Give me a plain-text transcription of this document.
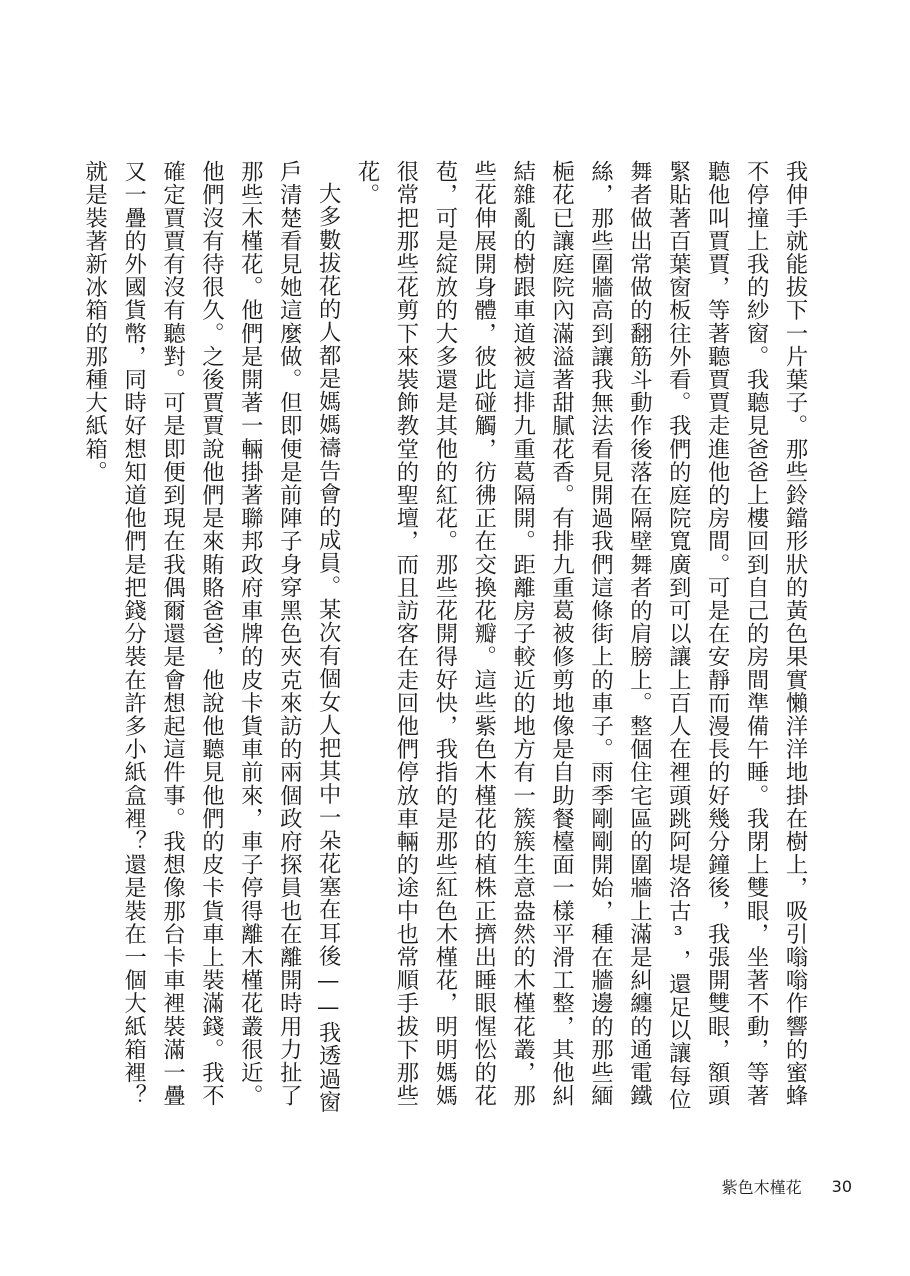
我伸手就能拔下一片葉子。那些鈴鐺形狀的黃色果實懶洋洋地掛在樹上，吸引嗡嗡作響的蜜蜂不停撞上我的紗窗。我聽見爸爸上樓回到自己的房間準備午睡。我閉上雙眼，坐著不動，等著聽他叫賈賈，等著聽賈賈走進他的房間。可是在安靜而漫長的好幾分鐘後，我張開雙眼，額頭緊貼著百葉窗板往外看。我們的庭院寬廣到可以讓上百人在裡頭跳阿堤洛古³，還足以讓每位舞者做出常做的翻筋斗動作後落在隔壁舞者的肩膀上。整個住宅區的圍牆上滿是糾纏的通電鐵絲，那些圍牆高到讓我無法看見開過我們這條街上的車子。雨季剛剛開始，種在牆邊的那些緬梔花已讓庭院內滿溢著甜膩花香。有排九重葛被修剪地像是自助餐檯面一樣平滑工整，其他糾結雜亂的樹跟車道被這排九重葛隔開。距離房子較近的地方有一簇簇生意盎然的木槿花叢，那些花伸展開身體，彼此碰觸，彷彿正在交換花瓣。這些紫色木槿花的植株正擠出睡眼惺忪的花苞，可是綻放的大多還是其他的紅花。那些花開得好快，我指的是那些紅色木槿花，明明媽媽很常把那些花剪下來裝飾教堂的聖壇，而且訪客在走回他們停放車輛的途中也常順手拔下那些花。

大多數拔花的人都是媽媽禱告會的成員。某次有個女人把其中一朵花塞在耳後——我透過窗戶清楚看見她這麼做。但即便是前陣子身穿黑色夾克來訪的兩個政府探員也在離開時用力扯了那些木槿花。他們是開著一輛掛著聯邦政府車牌的皮卡貨車前來，車子停得離木槿花叢很近。他們沒有待很久。之後賈賈說他們是來賄賂爸爸，他說他聽見他們的皮卡貨車上裝滿錢。我不確定賈賈有沒有聽對。可是即便到現在我偶爾還是會想起這件事。我想像那台卡車裡裝滿一疊又一疊的外國貨幣，同時好想知道他們是把錢分裝在許多小紙盒裡？還是裝在一個大紙箱裡？就是裝著新冰箱的那種大紙箱。

紫色木槿花 30
